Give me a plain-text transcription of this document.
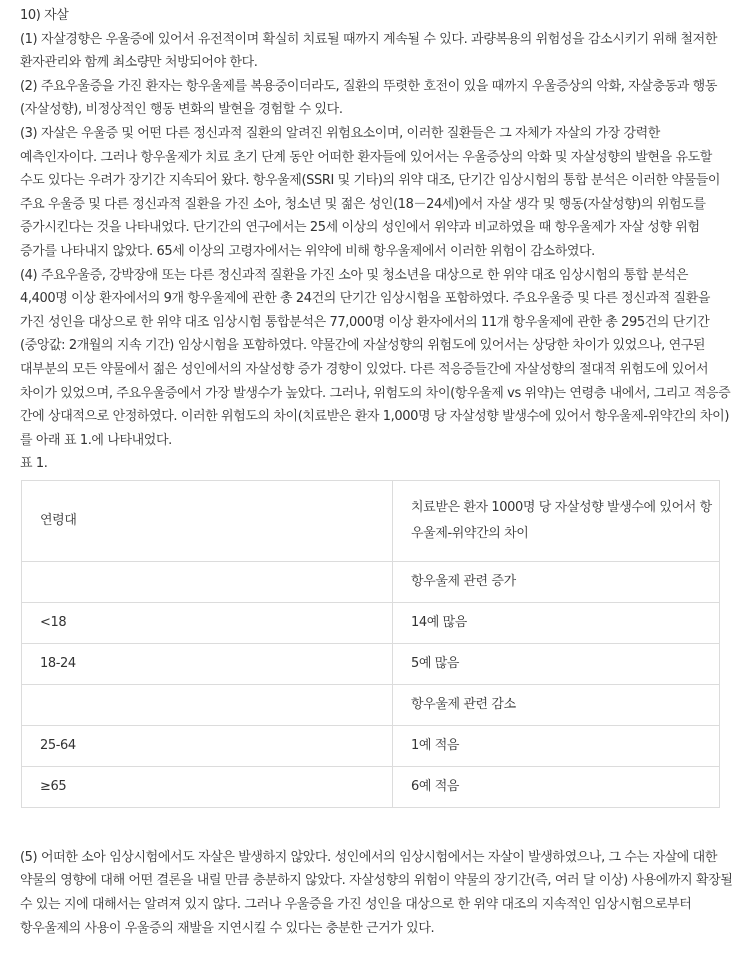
10) 자살

(1) 자살경향은 우울증에 있어서 유전적이며 확실히 치료될 때까지 계속될 수 있다. 과량복용의 위험성을 감소시키기 위해 철저한 환자관리와 함께 최소량만 처방되어야 한다.

(2) 주요우울증을 가진 환자는 항우울제를 복용중이더라도, 질환의 뚜렷한 호전이 있을 때까지 우울증상의 악화, 자살충동과 행동(자살성향), 비정상적인 행동 변화의 발현을 경험할 수 있다.

(3) 자살은 우울증 및 어떤 다른 정신과적 질환의 알려진 위험요소이며, 이러한 질환들은 그 자체가 자살의 가장 강력한 예측인자이다. 그러나 항우울제가 치료 초기 단계 동안 어떠한 환자들에 있어서는 우울증상의 악화 및 자살성향의 발현을 유도할 수도 있다는 우려가 장기간 지속되어 왔다. 항우울제(SSRI 및 기타)의 위약 대조, 단기간 임상시험의 통합 분석은 이러한 약물들이 주요 우울증 및 다른 정신과적 질환을 가진 소아, 청소년 및 젊은 성인(18－24세)에서 자살 생각 및 행동(자살성향)의 위험도를 증가시킨다는 것을 나타내었다. 단기간의 연구에서는 25세 이상의 성인에서 위약과 비교하였을 때 항우울제가 자살 성향 위험 증가를 나타내지 않았다. 65세 이상의 고령자에서는 위약에 비해 항우울제에서 이러한 위험이 감소하였다.

(4) 주요우울증, 강박장애 또는 다른 정신과적 질환을 가진 소아 및 청소년을 대상으로 한 위약 대조 임상시험의 통합 분석은 4,400명 이상 환자에서의 9개 항우울제에 관한 총 24건의 단기간 임상시험을 포함하였다. 주요우울증 및 다른 정신과적 질환을 가진 성인을 대상으로 한 위약 대조 임상시험 통합분석은 77,000명 이상 환자에서의 11개 항우울제에 관한 총 295건의 단기간(중앙값: 2개월의 지속 기간) 임상시험을 포함하였다. 약물간에 자살성향의 위험도에 있어서는 상당한 차이가 있었으나, 연구된 대부분의 모든 약물에서 젊은 성인에서의 자살성향 증가 경향이 있었다. 다른 적응증들간에 자살성향의 절대적 위험도에 있어서 차이가 있었으며, 주요우울증에서 가장 발생수가 높았다. 그러나, 위험도의 차이(항우울제 vs 위약)는 연령층 내에서, 그리고 적응증 간에 상대적으로 안정하였다. 이러한 위험도의 차이(치료받은 환자 1,000명 당 자살성향 발생수에 있어서 항우울제-위약간의 차이)를 아래 표 1.에 나타내었다.

표 1.

연령대	치료받은 환자 1000명 당 자살성향 발생수에 있어서 항우울제-위약간의 차이
	항우울제 관련 증가
<18	14예 많음
18-24	5예 많음
	항우울제 관련 감소
25-64	1예 적음
≥65	6예 적음

(5) 어떠한 소아 임상시험에서도 자살은 발생하지 않았다. 성인에서의 임상시험에서는 자살이 발생하였으나, 그 수는 자살에 대한 약물의 영향에 대해 어떤 결론을 내릴 만큼 충분하지 않았다. 자살성향의 위험이 약물의 장기간(즉, 여러 달 이상) 사용에까지 확장될 수 있는 지에 대해서는 알려져 있지 않다. 그러나 우울증을 가진 성인을 대상으로 한 위약 대조의 지속적인 임상시험으로부터 항우울제의 사용이 우울증의 재발을 지연시킬 수 있다는 충분한 근거가 있다.
